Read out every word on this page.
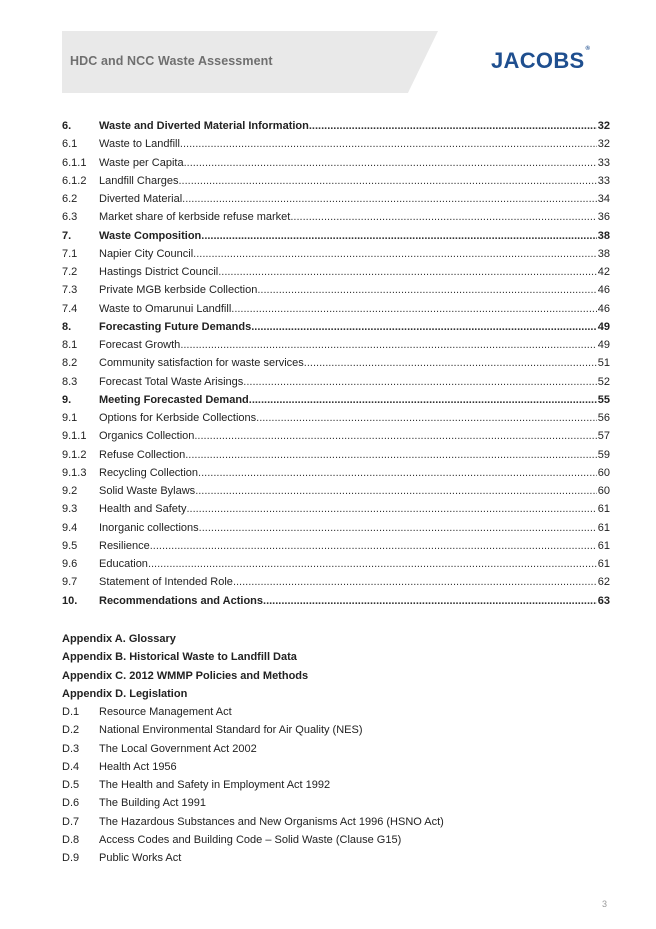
HDC and NCC Waste Assessment	JACOBS®
6.	Waste and Diverted Material Information .....	32
6.1	Waste to Landfill .....	32
6.1.1	Waste per Capita .....	33
6.1.2	Landfill Charges .....	33
6.2	Diverted Material .....	34
6.3	Market share of kerbside refuse market .....	36
7.	Waste Composition .....	38
7.1	Napier City Council .....	38
7.2	Hastings District Council .....	42
7.3	Private MGB kerbside Collection .....	46
7.4	Waste to Omarunui Landfill .....	46
8.	Forecasting Future Demands .....	49
8.1	Forecast Growth .....	49
8.2	Community satisfaction for waste services .....	51
8.3	Forecast Total Waste Arisings .....	52
9.	Meeting Forecasted Demand .....	55
9.1	Options for Kerbside Collections .....	56
9.1.1	Organics Collection .....	57
9.1.2	Refuse Collection .....	59
9.1.3	Recycling Collection .....	60
9.2	Solid Waste Bylaws .....	60
9.3	Health and Safety .....	61
9.4	Inorganic collections .....	61
9.5	Resilience .....	61
9.6	Education .....	61
9.7	Statement of Intended Role .....	62
10.	Recommendations and Actions .....	63
Appendix A. Glossary
Appendix B. Historical Waste to Landfill Data
Appendix C. 2012 WMMP Policies and Methods
Appendix D. Legislation
D.1	Resource Management Act
D.2	National Environmental Standard for Air Quality (NES)
D.3	The Local Government Act 2002
D.4	Health Act 1956
D.5	The Health and Safety in Employment Act 1992
D.6	The Building Act 1991
D.7	The Hazardous Substances and New Organisms Act 1996 (HSNO Act)
D.8	Access Codes and Building Code – Solid Waste (Clause G15)
D.9	Public Works Act
3
